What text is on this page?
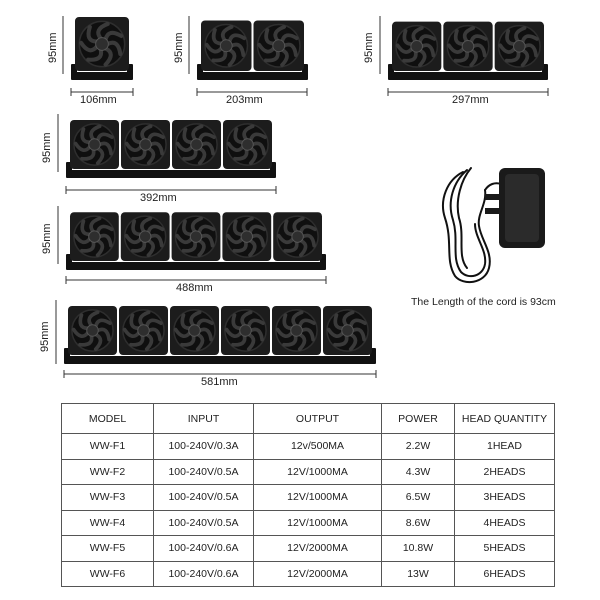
106mm	203mm	297mm
392mm
488mm
581mm
95mm	95mm	95mm
95mm
95mm
95mm
The Length of the cord is 93cm
MODEL	INPUT	OUTPUT	POWER	HEAD QUANTITY
WW-F1	100-240V/0.3A	12v/500MA	2.2W	1HEAD
WW-F2	100-240V/0.5A	12V/1000MA	4.3W	2HEADS
WW-F3	100-240V/0.5A	12V/1000MA	6.5W	3HEADS
WW-F4	100-240V/0.5A	12V/1000MA	8.6W	4HEADS
WW-F5	100-240V/0.6A	12V/2000MA	10.8W	5HEADS
WW-F6	100-240V/0.6A	12V/2000MA	13W	6HEADS
